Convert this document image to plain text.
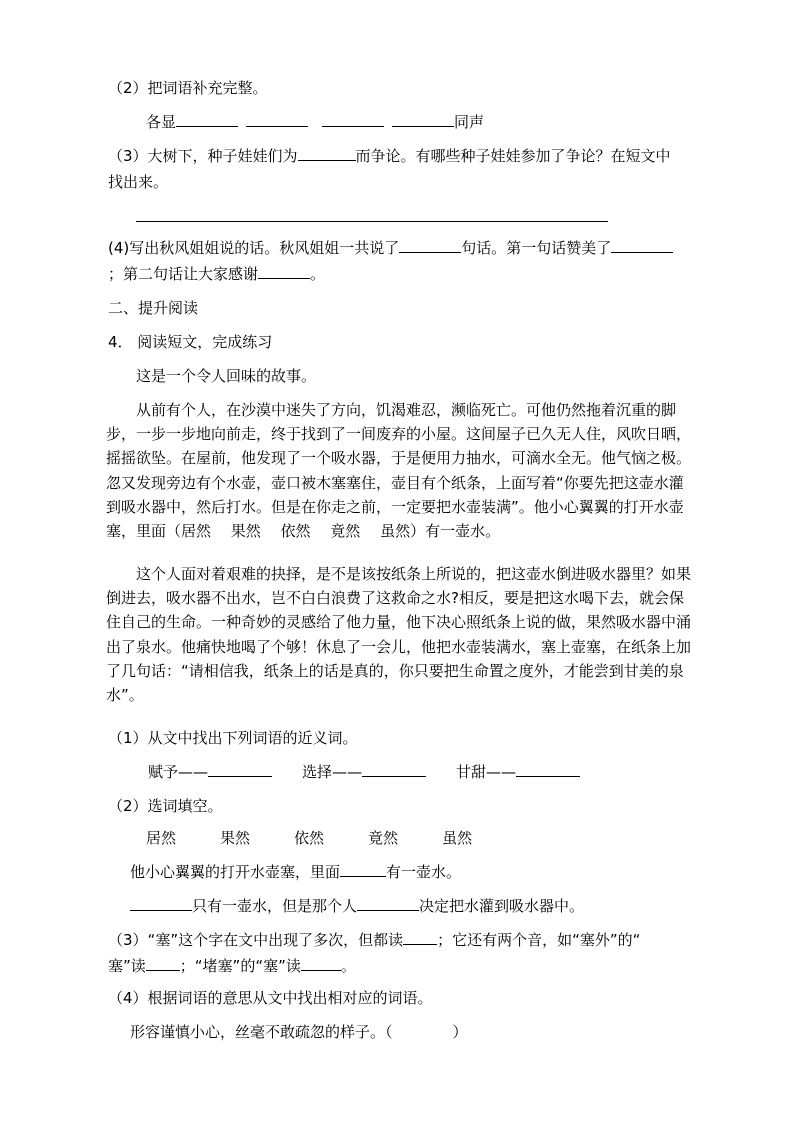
（2）把词语补充完整。
各显	同声
（3）大树下，种子娃娃们为	而争论。有哪些种子娃娃参加了争论？在短文中
找出来。
(4)写出秋风姐姐说的话。秋风姐姐一共说了	句话。第一句话赞美了
；第二句话让大家感谢	。
二、提升阅读
4． 阅读短文，完成练习
这是一个令人回味的故事。
从前有个人，在沙漠中迷失了方向，饥渴难忍，濒临死亡。可他仍然拖着沉重的脚步，一步一步地向前走，终于找到了一间废弃的小屋。这间屋子已久无人住，风吹日晒，摇摇欲坠。在屋前，他发现了一个吸水器，于是便用力抽水，可滴水全无。他气恼之极。忽又发现旁边有个水壶，壶口被木塞塞住，壶目有个纸条，上面写着“你要先把这壶水灌到吸水器中，然后打水。但是在你走之前，一定要把水壶装满”。他小心翼翼的打开水壶塞，里面（居然　 果然　 依然　 竟然　 虽然）有一壶水。
这个人面对着艰难的抉择，是不是该按纸条上所说的，把这壶水倒进吸水器里？如果倒进去，吸水器不出水，岂不白白浪费了这救命之水?相反，要是把这水喝下去，就会保住自己的生命。一种奇妙的灵感给了他力量，他下决心照纸条上说的做，果然吸水器中涌出了泉水。他痛快地喝了个够！休息了一会儿，他把水壶装满水，塞上壶塞，在纸条上加了几句话：“请相信我，纸条上的话是真的，你只要把生命置之度外，才能尝到甘美的泉水”。
（1）从文中找出下列词语的近义词。
赋予——	选择——	甘甜——
（2）选词填空。
居然	果然	依然	竟然	虽然
他小心翼翼的打开水壶塞，里面	有一壶水。
只有一壶水，但是那个人	决定把水灌到吸水器中。
（3）“塞”这个字在文中出现了多次，但都读 ；它还有两个音，如“塞外”的“
塞”读 ；“堵塞”的“塞”读	。
（4）根据词语的意思从文中找出相对应的词语。
形容谨慎小心，丝毫不敢疏忽的样子。（　　　　）
